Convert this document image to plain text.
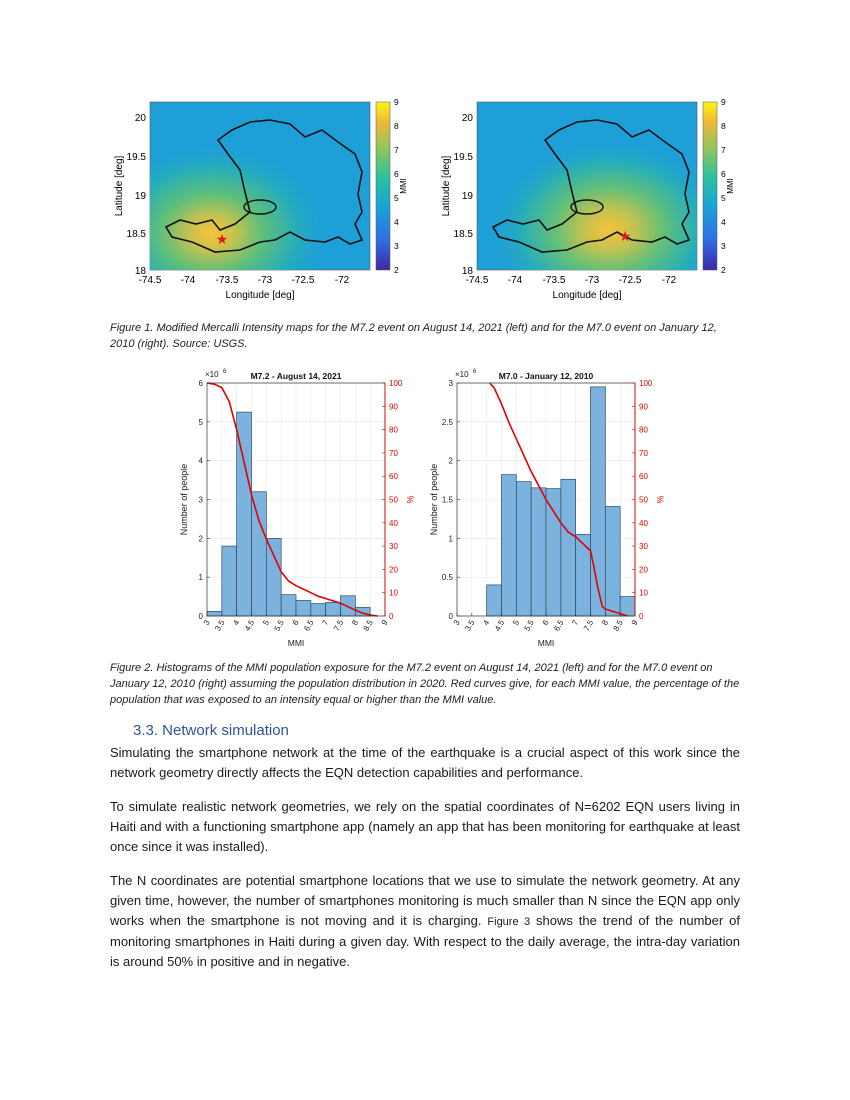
★
Latitude [deg]
20
19.5
19
18.5
18
-74.5 -74 -73.5 -73 -72.5 -72
Longitude [deg]
9
8
7
6
5
4
3
2
MMI
★
Latitude [deg]
20
19.5
19
18.5
18
-74.5 -74 -73.5 -73 -72.5 -72
Longitude [deg]
9
8
7
6
5
4
3
2
MMI
Figure 1. Modified Mercalli Intensity maps for the M7.2 event on August 14, 2021 (left) and for the M7.0 event on January 12, 2010 (right). Source: USGS.
0
1
2
3
4
5
6
0
10
20
30
40
50
60
70
80
90
100
3 3.5 4 4.5 5 5.5 6 6.5 7 7.5 8 8.5 9
×10 6	M7.2 - August 14, 2021
MMI
Number of people	%
0
0.5
1
1.5
2
2.5
3
0
10
20
30
40
50
60
70
80
90
100
3 3.5 4 4.5 5 5.5 6 6.5 7 7.5 8 8.5 9
×10 6	M7.0 - January 12, 2010
MMI
Number of people	%
Figure 2. Histograms of the MMI population exposure for the M7.2 event on August 14, 2021 (left) and for the M7.0 event on January 12, 2010 (right) assuming the population distribution in 2020. Red curves give, for each MMI value, the percentage of the population that was exposed to an intensity equal or higher than the MMI value.
3.3. Network simulation

Simulating the smartphone network at the time of the earthquake is a crucial aspect of this work since the network geometry directly affects the EQN detection capabilities and performance.

To simulate realistic network geometries, we rely on the spatial coordinates of N=6202 EQN users living in Haiti and with a functioning smartphone app (namely an app that has been monitoring for earthquake at least once since it was installed).

The N coordinates are potential smartphone locations that we use to simulate the network geometry. At any given time, however, the number of smartphones monitoring is much smaller than N since the EQN app only works when the smartphone is not moving and it is charging. Figure 3 shows the trend of the number of monitoring smartphones in Haiti during a given day. With respect to the daily average, the intra-day variation is around 50% in positive and in negative.
